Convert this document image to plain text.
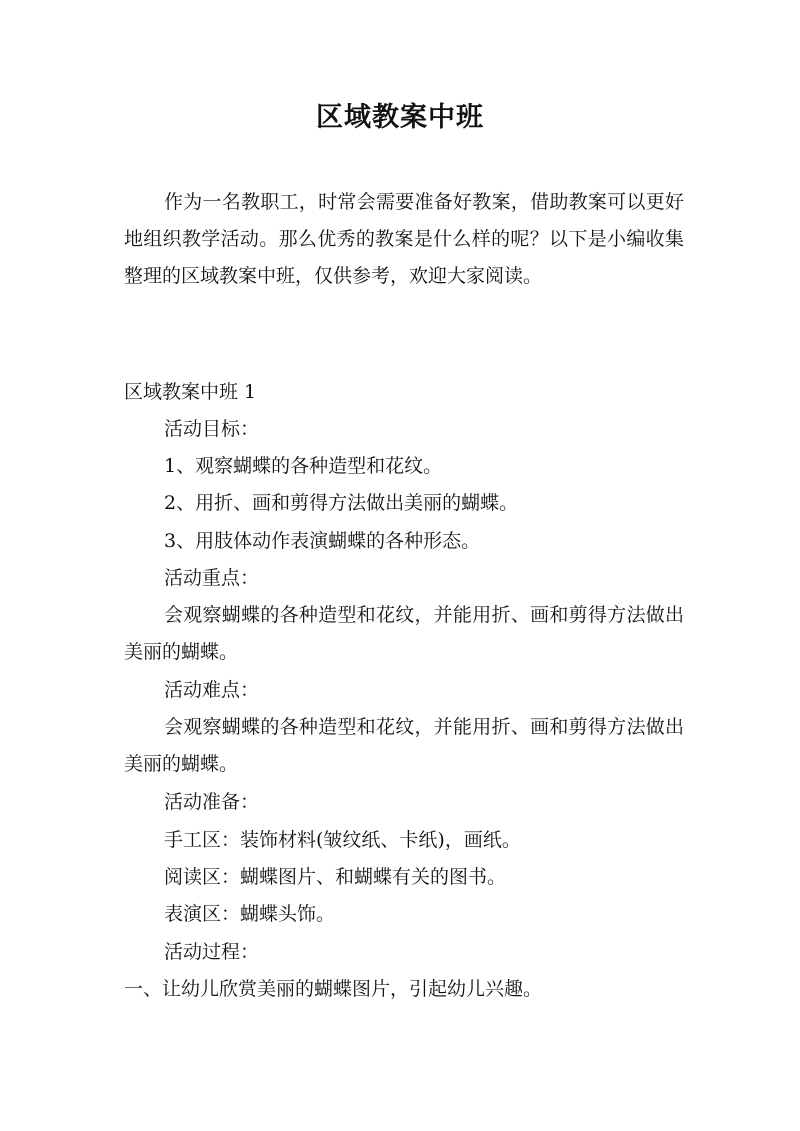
区域教案中班

作为一名教职工，时常会需要准备好教案，借助教案可以更好地组织教学活动。那么优秀的教案是什么样的呢？以下是小编收集整理的区域教案中班，仅供参考，欢迎大家阅读。

区域教案中班 1

活动目标：

1、观察蝴蝶的各种造型和花纹。

2、用折、画和剪得方法做出美丽的蝴蝶。

3、用肢体动作表演蝴蝶的各种形态。

活动重点：

会观察蝴蝶的各种造型和花纹，并能用折、画和剪得方法做出美丽的蝴蝶。

活动难点：

会观察蝴蝶的各种造型和花纹，并能用折、画和剪得方法做出美丽的蝴蝶。

活动准备：

手工区：装饰材料(皱纹纸、卡纸)，画纸。

阅读区：蝴蝶图片、和蝴蝶有关的图书。

表演区：蝴蝶头饰。

活动过程：

一、让幼儿欣赏美丽的蝴蝶图片，引起幼儿兴趣。
